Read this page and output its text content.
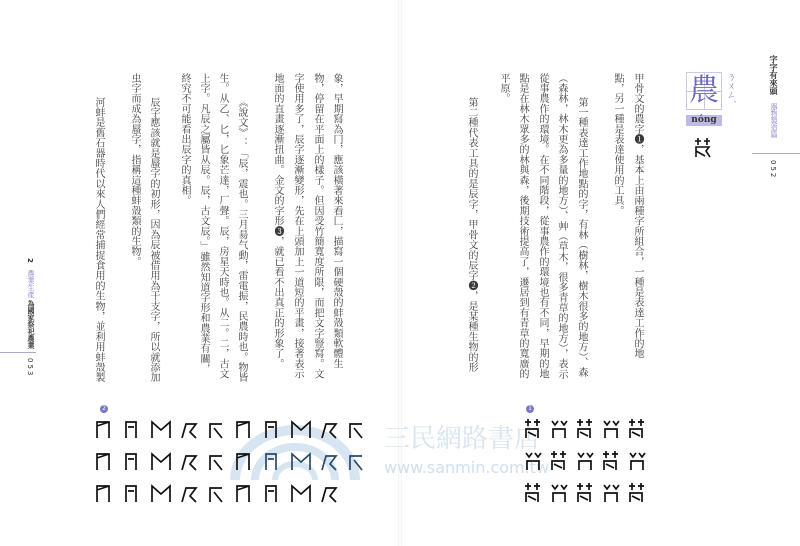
字字有來頭
器物製造篇
052
農 ㄋㄨㄥˊ
nóng
甲骨文的農字❶，基本上由兩種字所組合，一種是表達工作的地
點，另一種是表達使用的工具。
第一種表達工作地點的字，有林（樹林，樹木很多的地方）、森
（森林，林木更為多量的地方）、艸（草木，很多青草的地方），表示
從事農作的環境。在不同階段，從事農作的環境也有不同，早期的地
點是在林木眾多的林與森，後期技術提高了，遷居到有青草的寬廣的
平原。
第二種代表工具的是辰字，甲骨文的辰字❷，是某種生物的形
象，早期寫為冂，應該橫著來看匚，描寫一個硬殼的蚌殼類軟體生
物，停留在平面上的樣子。但因受竹簡寬度所限，而把文字豎寫。文
字使用多了，辰字逐漸變形，先在上頭加上一道短的平畫，接著表示
地面的直畫逐漸扭曲。金文的字形❸，就已看不出真正的形象了。
《說文》：「辰，震也。三月昜气動，雷電振，民農時也。物皆
生。从乙、匕，匕象芒達，厂聲。辰，房星天時也。从二。二，古文
上字。凡辰之屬皆从辰。辰，古文辰。」雖然知道字形和農業有關，
終究不可能看出辰字的真相。
辰字應該就是蜃字的初形，因為辰被借用為干支字，所以就添加
虫字而成為蜃字，指稱這種蚌殼類的生物。
河蚌是舊石器時代以來人們經常捕捉食用的生物，並利用蚌殼製
2
農業生產
為國家祭祀農業
053
三民網路書店
www.sanmin.com.tw
2	1
